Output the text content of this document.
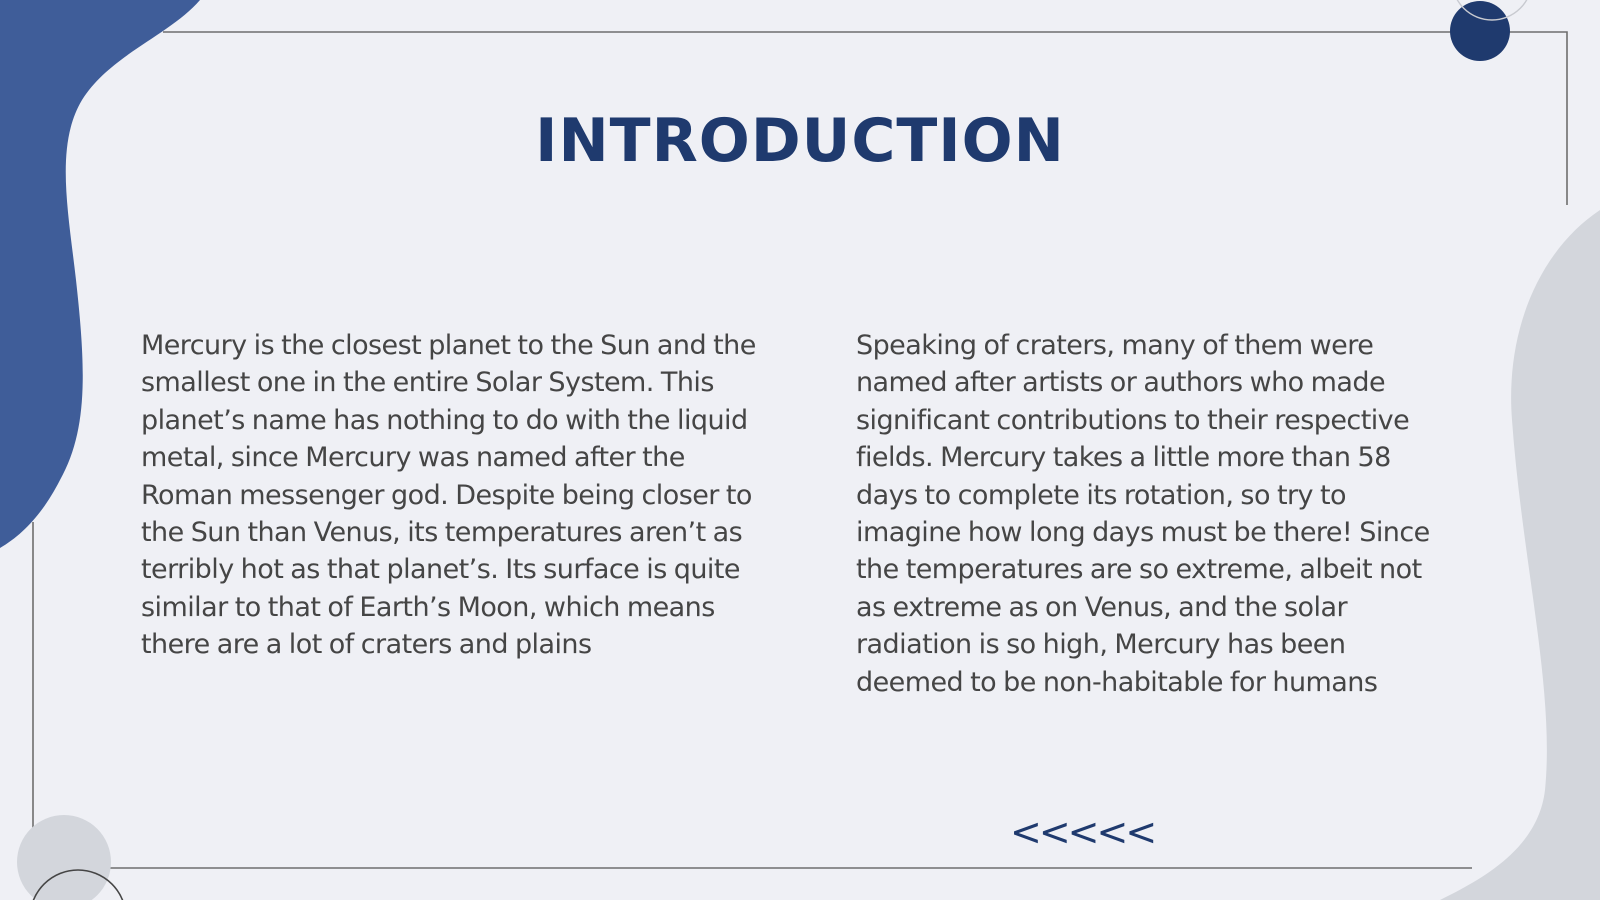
INTRODUCTION

Mercury is the closest planet to the Sun and the smallest one in the entire Solar System. This planet’s name has nothing to do with the liquid metal, since Mercury was named after the Roman messenger god. Despite being closer to the Sun than Venus, its temperatures aren’t as terribly hot as that planet’s. Its surface is quite similar to that of Earth’s Moon, which means there are a lot of craters and plains

Speaking of craters, many of them were named after artists or authors who made significant contributions to their respective fields. Mercury takes a little more than 58 days to complete its rotation, so try to imagine how long days must be there! Since the temperatures are so extreme, albeit not as extreme as on Venus, and the solar radiation is so high, Mercury has been deemed to be non-habitable for humans

<<<<<
